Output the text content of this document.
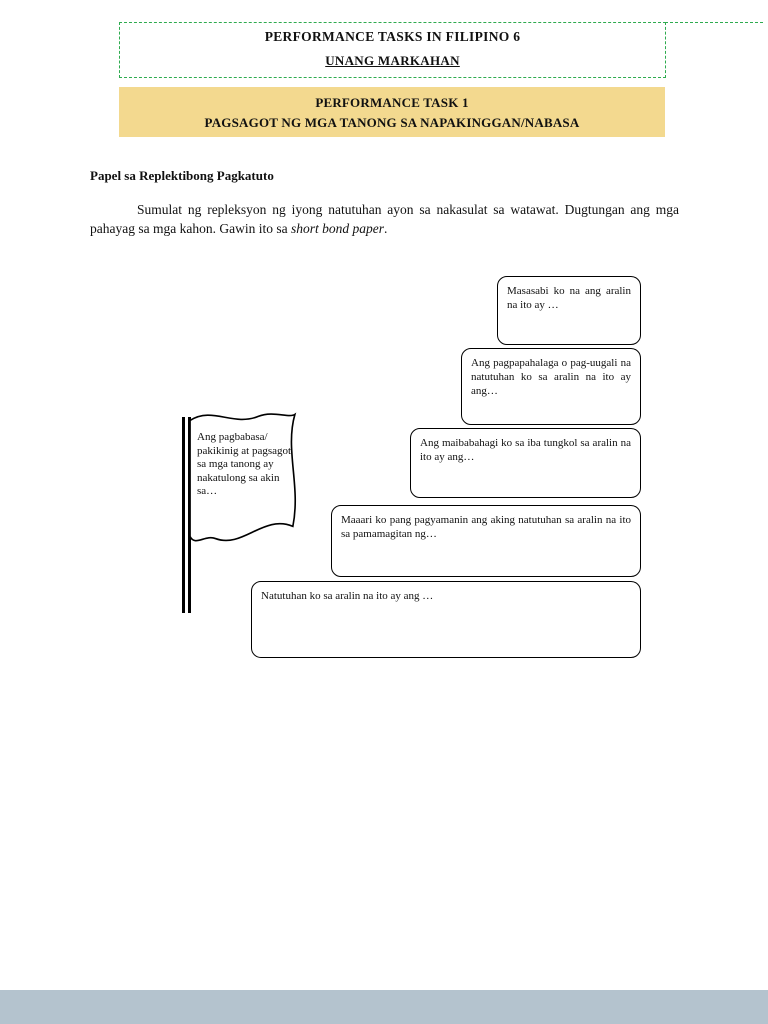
PERFORMANCE TASKS IN FILIPINO 6
UNANG MARKAHAN
PERFORMANCE TASK 1
PAGSAGOT NG MGA TANONG SA NAPAKINGGAN/NABASA
Papel sa Replektibong Pagkatuto

Sumulat ng repleksyon ng iyong natutuhan ayon sa nakasulat sa watawat. Dugtungan ang mga pahayag sa mga kahon. Gawin ito sa short bond paper.

Ang pagbabasa/ pakikinig at pagsagot sa mga tanong ay nakatulong sa akin sa…
Masasabi ko na ang aralin na ito ay …
Ang pagpapahalaga o pag-uugali na natutuhan ko sa aralin na ito ay ang…
Ang maibabahagi ko sa iba tungkol sa aralin na ito ay ang…
Maaari ko pang pagyamanin ang aking natutuhan sa aralin na ito sa pamamagitan ng…
Natutuhan ko sa aralin na ito ay ang …
